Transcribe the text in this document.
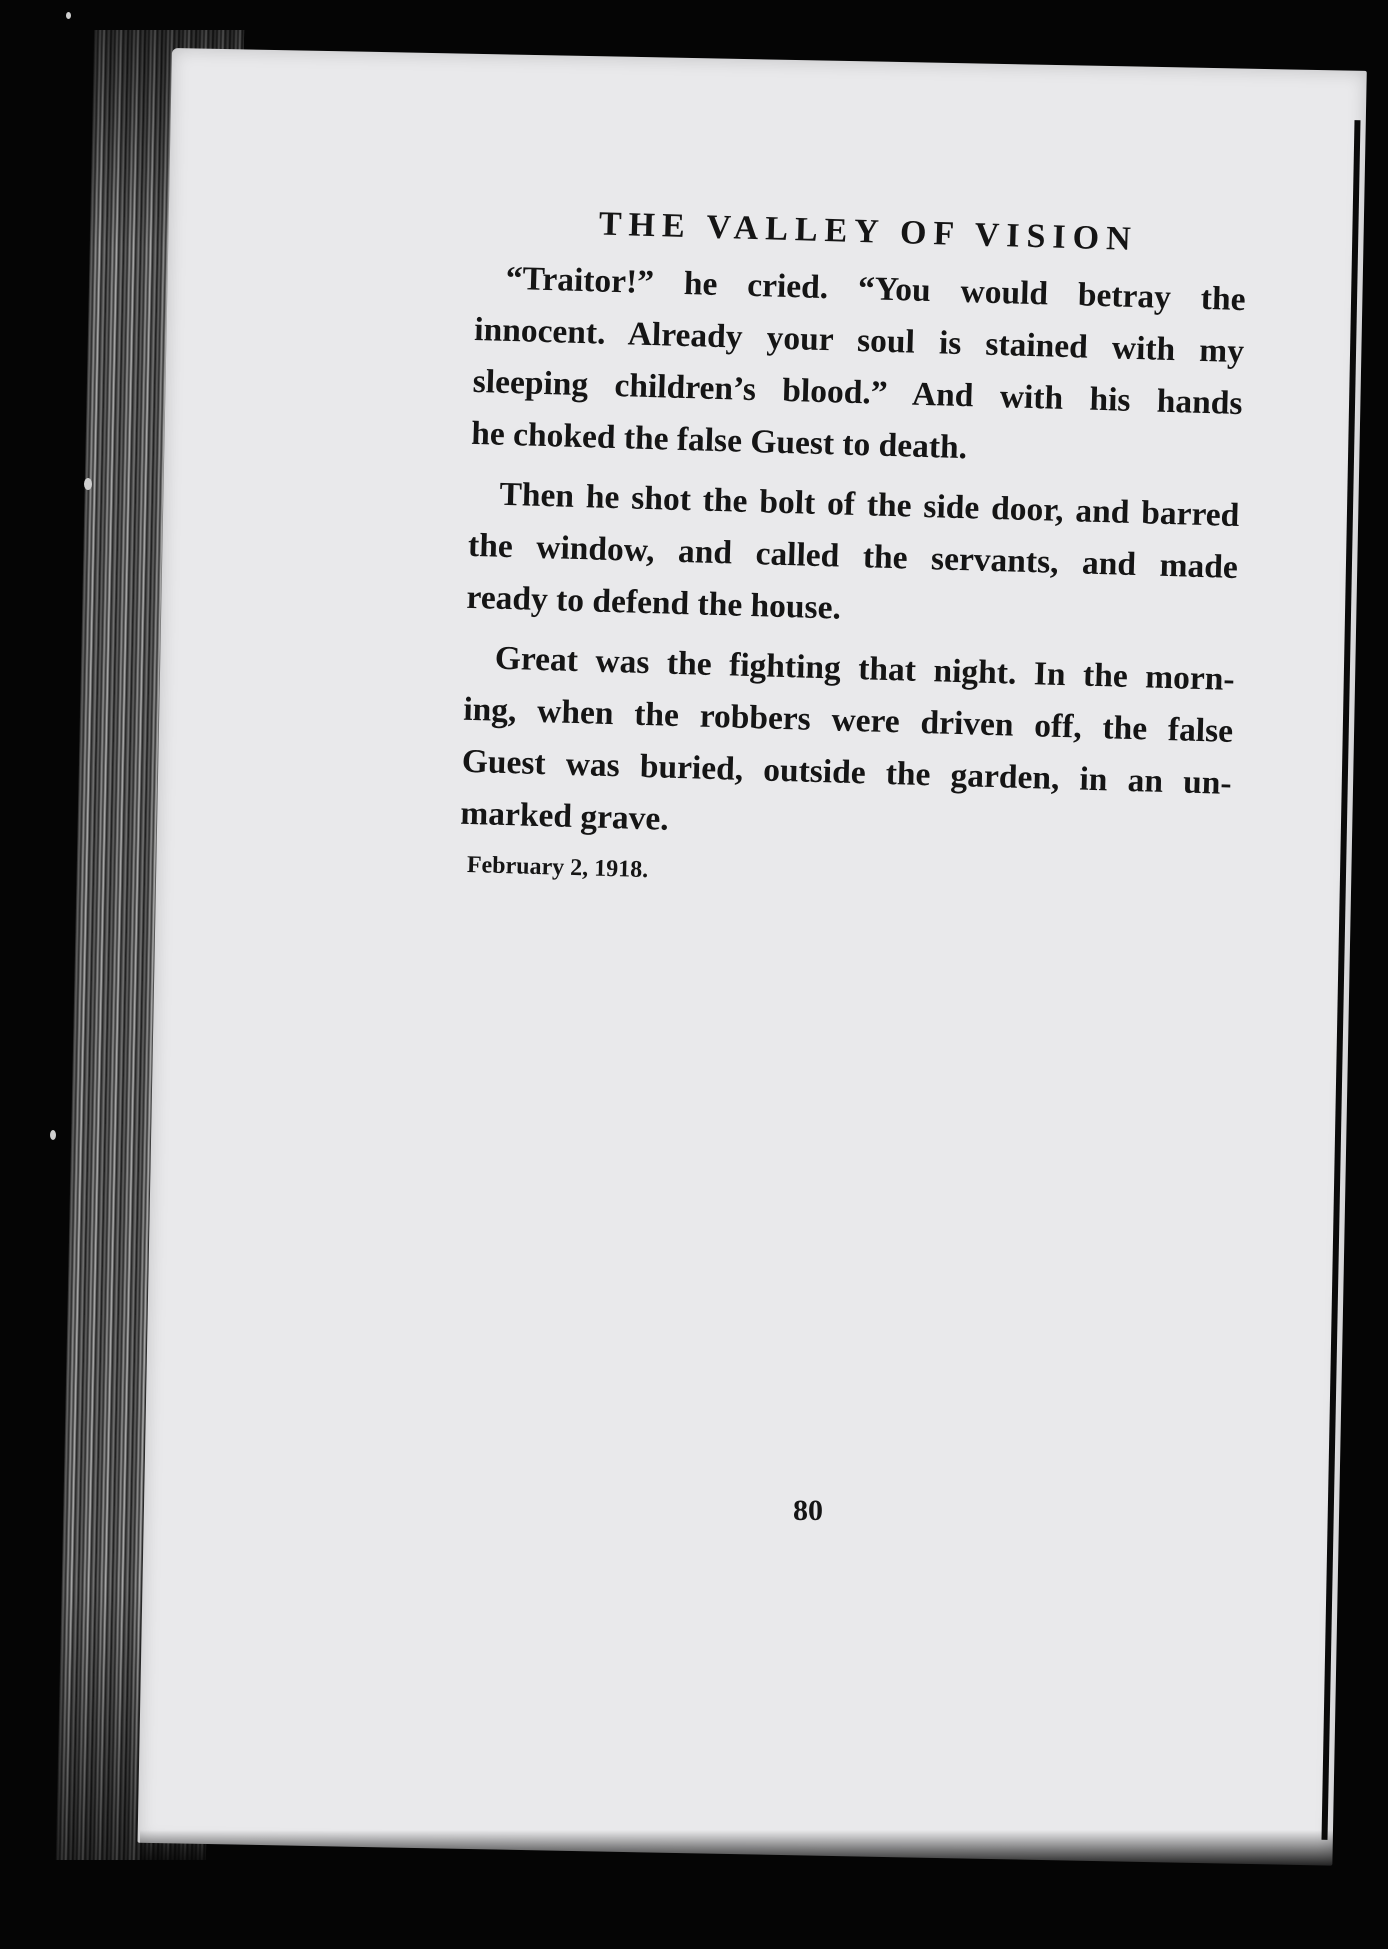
THE VALLEY OF VISION

“Traitor!” he cried. “You would betray the
innocent. Already your soul is stained with my
sleeping children’s blood.” And with his hands
he choked the false Guest to death.

Then he shot the bolt of the side door, and barred
the window, and called the servants, and made
ready to defend the house.

Great was the fighting that night. In the morn-
ing, when the robbers were driven off, the false
Guest was buried, outside the garden, in an un-
marked grave.

February 2, 1918.
80
